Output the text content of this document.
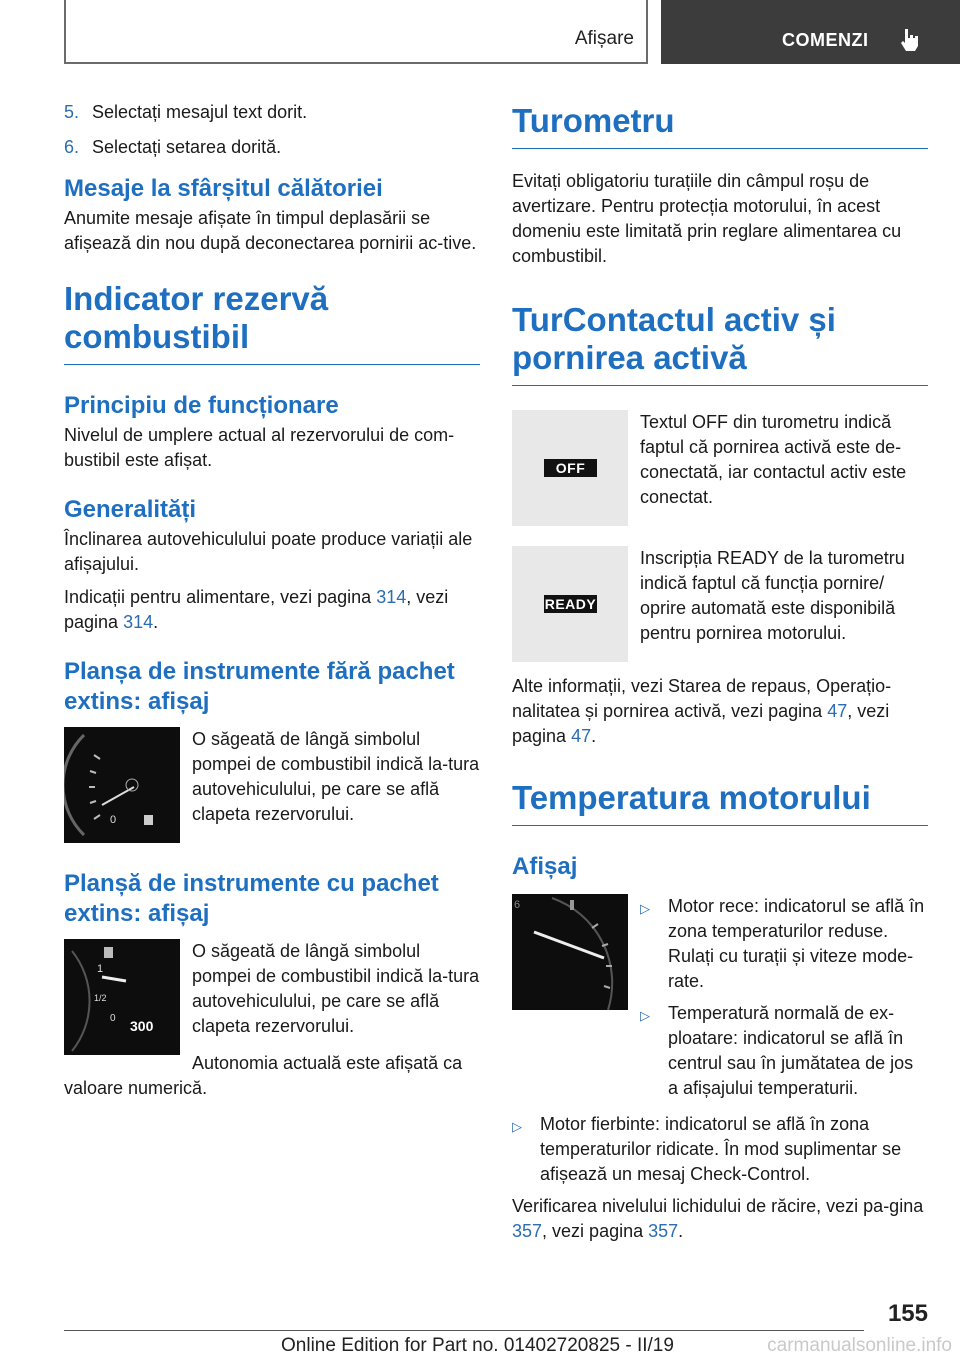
Afișare	COMENZI
5. Selectați mesajul text dorit.
6. Selectați setarea dorită.
Mesaje la sfârșitul călătoriei

Anumite mesaje afișate în timpul deplasării se afișează din nou după deconectarea pornirii ac‐tive.

Indicator rezervă combustibil
Principiu de funcționare

Nivelul de umplere actual al rezervorului de com‐bustibil este afișat.

Generalități

Înclinarea autovehiculului poate produce variații ale afișajului.

Indicații pentru alimentare, vezi pagina 314, vezi pagina 314.

Planșa de instrumente fără pachet extins: afișaj
0

O săgeată de lângă simbolul pompei de combustibil indică la‐tura autovehiculului, pe care se află clapeta rezervorului.

Planșă de instrumente cu pachet extins: afișaj
1
1/2
0 300

O săgeată de lângă simbolul pompei de combustibil indică la‐tura autovehiculului, pe care se află clapeta rezervorului.

Autonomia actuală este afișată ca valoare numerică.

Turometru

Evitați obligatoriu turațiile din câmpul roșu de avertizare. Pentru protecția motorului, în acest domeniu este limitată prin reglare alimentarea cu combustibil.

TurContactul activ și pornirea activă
OFF

Textul OFF din turometru indică faptul că pornirea activă este de‐conectată, iar contactul activ este conectat.

READY

Inscripția READY de la turometru indică faptul că funcția pornire/ oprire automată este disponibilă pentru pornirea motorului.

Alte informații, vezi Starea de repaus, Operațio‐nalitatea și pornirea activă, vezi pagina 47, vezi pagina 47.

Temperatura motorului
Afișaj
6	▷	Motor rece: indicatorul se află în zona temperaturilor reduse. Rulați cu turații și viteze mode‐rate.
▷	Temperatură normală de ex‐ploatare: indicatorul se află în centrul sau în jumătatea de jos a afișajului temperaturii.
▷	Motor fierbinte: indicatorul se află în zona temperaturilor ridicate. În mod suplimentar se afișează un mesaj Check-Control.

Verificarea nivelului lichidului de răcire, vezi pa‐gina 357, vezi pagina 357.

155
Online Edition for Part no. 01402720825 - II/19	carmanualsonline.info
